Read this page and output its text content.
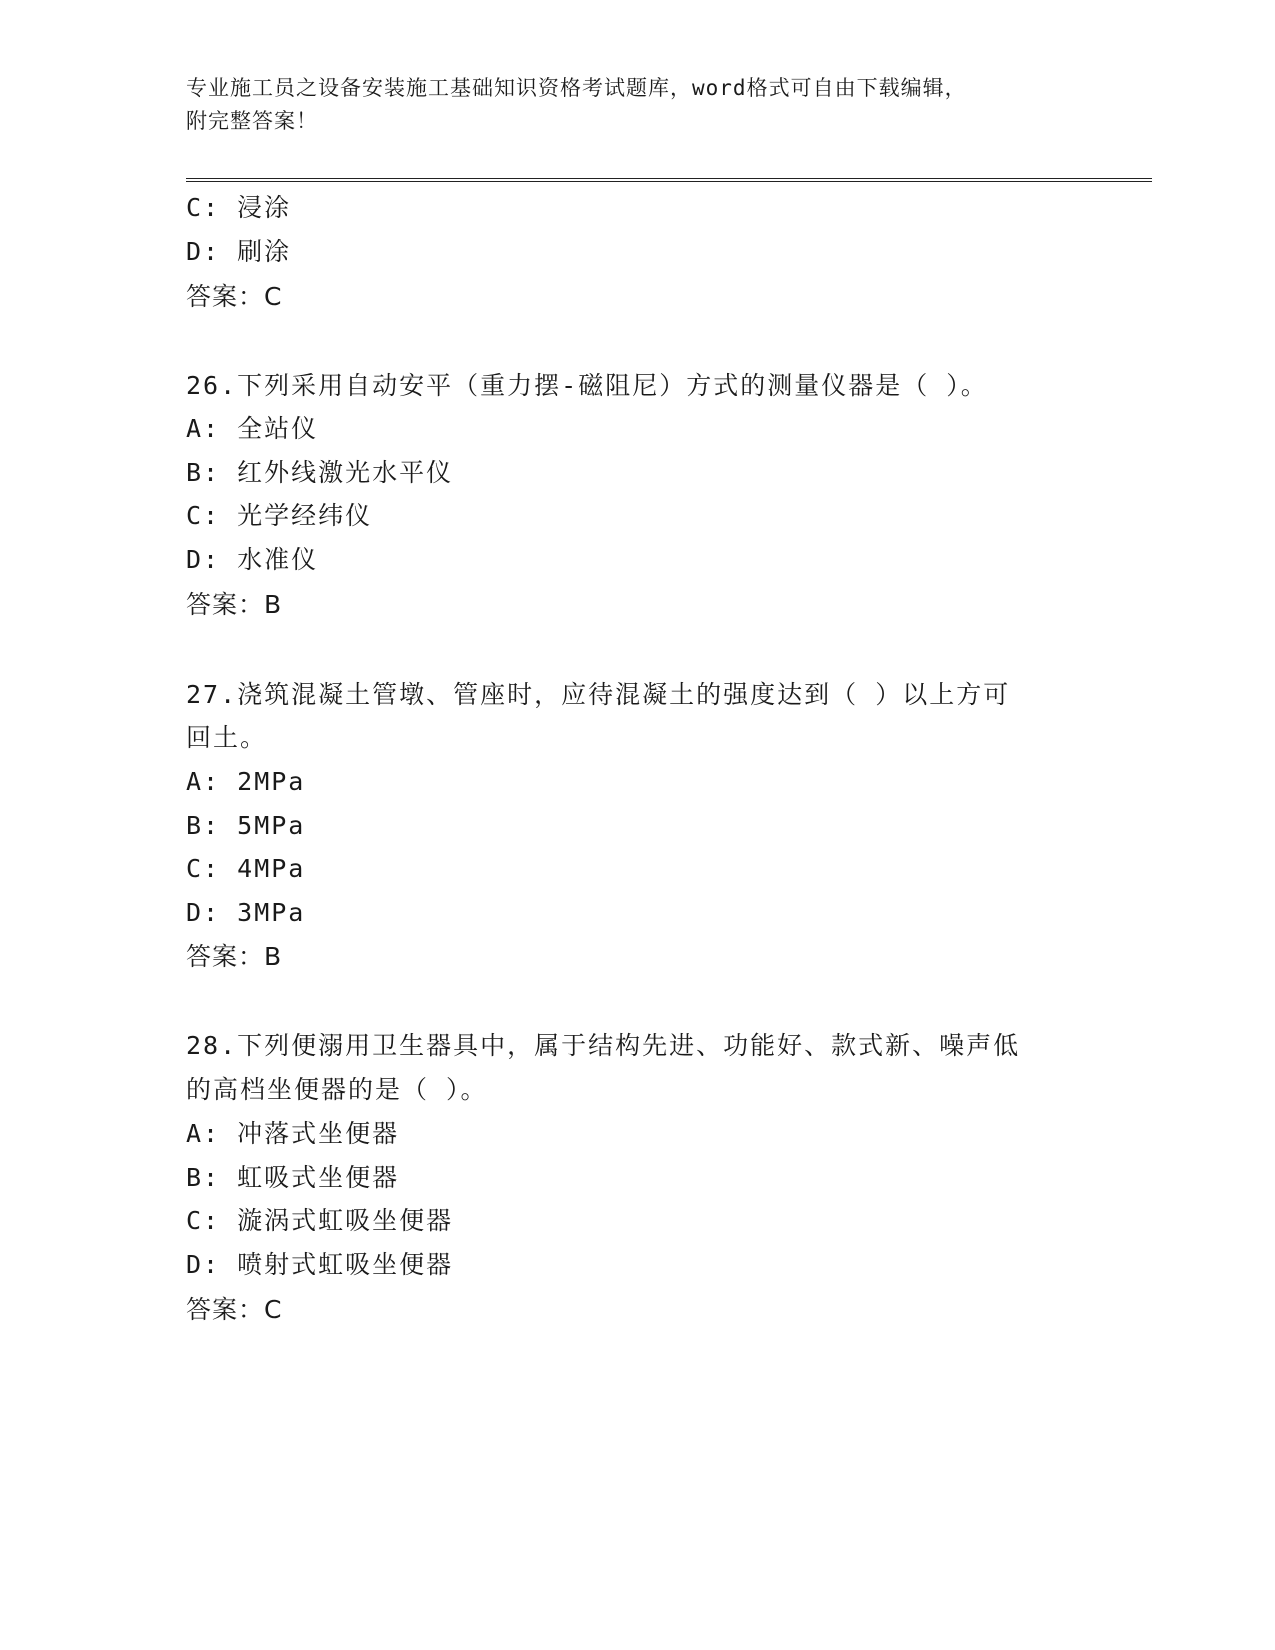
专业施工员之设备安装施工基础知识资格考试题库，word格式可自由下载编辑，
附完整答案！
C: 浸涂
D: 刷涂
答案：C
26.下列采用自动安平（重力摆-磁阻尼）方式的测量仪器是（ ）。
A: 全站仪
B: 红外线激光水平仪
C: 光学经纬仪
D: 水准仪
答案：B
27.浇筑混凝土管墩、管座时，应待混凝土的强度达到（ ）以上方可
回土。
A: 2MPa
B: 5MPa
C: 4MPa
D: 3MPa
答案：B
28.下列便溺用卫生器具中，属于结构先进、功能好、款式新、噪声低
的高档坐便器的是（ ）。
A: 冲落式坐便器
B: 虹吸式坐便器
C: 漩涡式虹吸坐便器
D: 喷射式虹吸坐便器
答案：C
